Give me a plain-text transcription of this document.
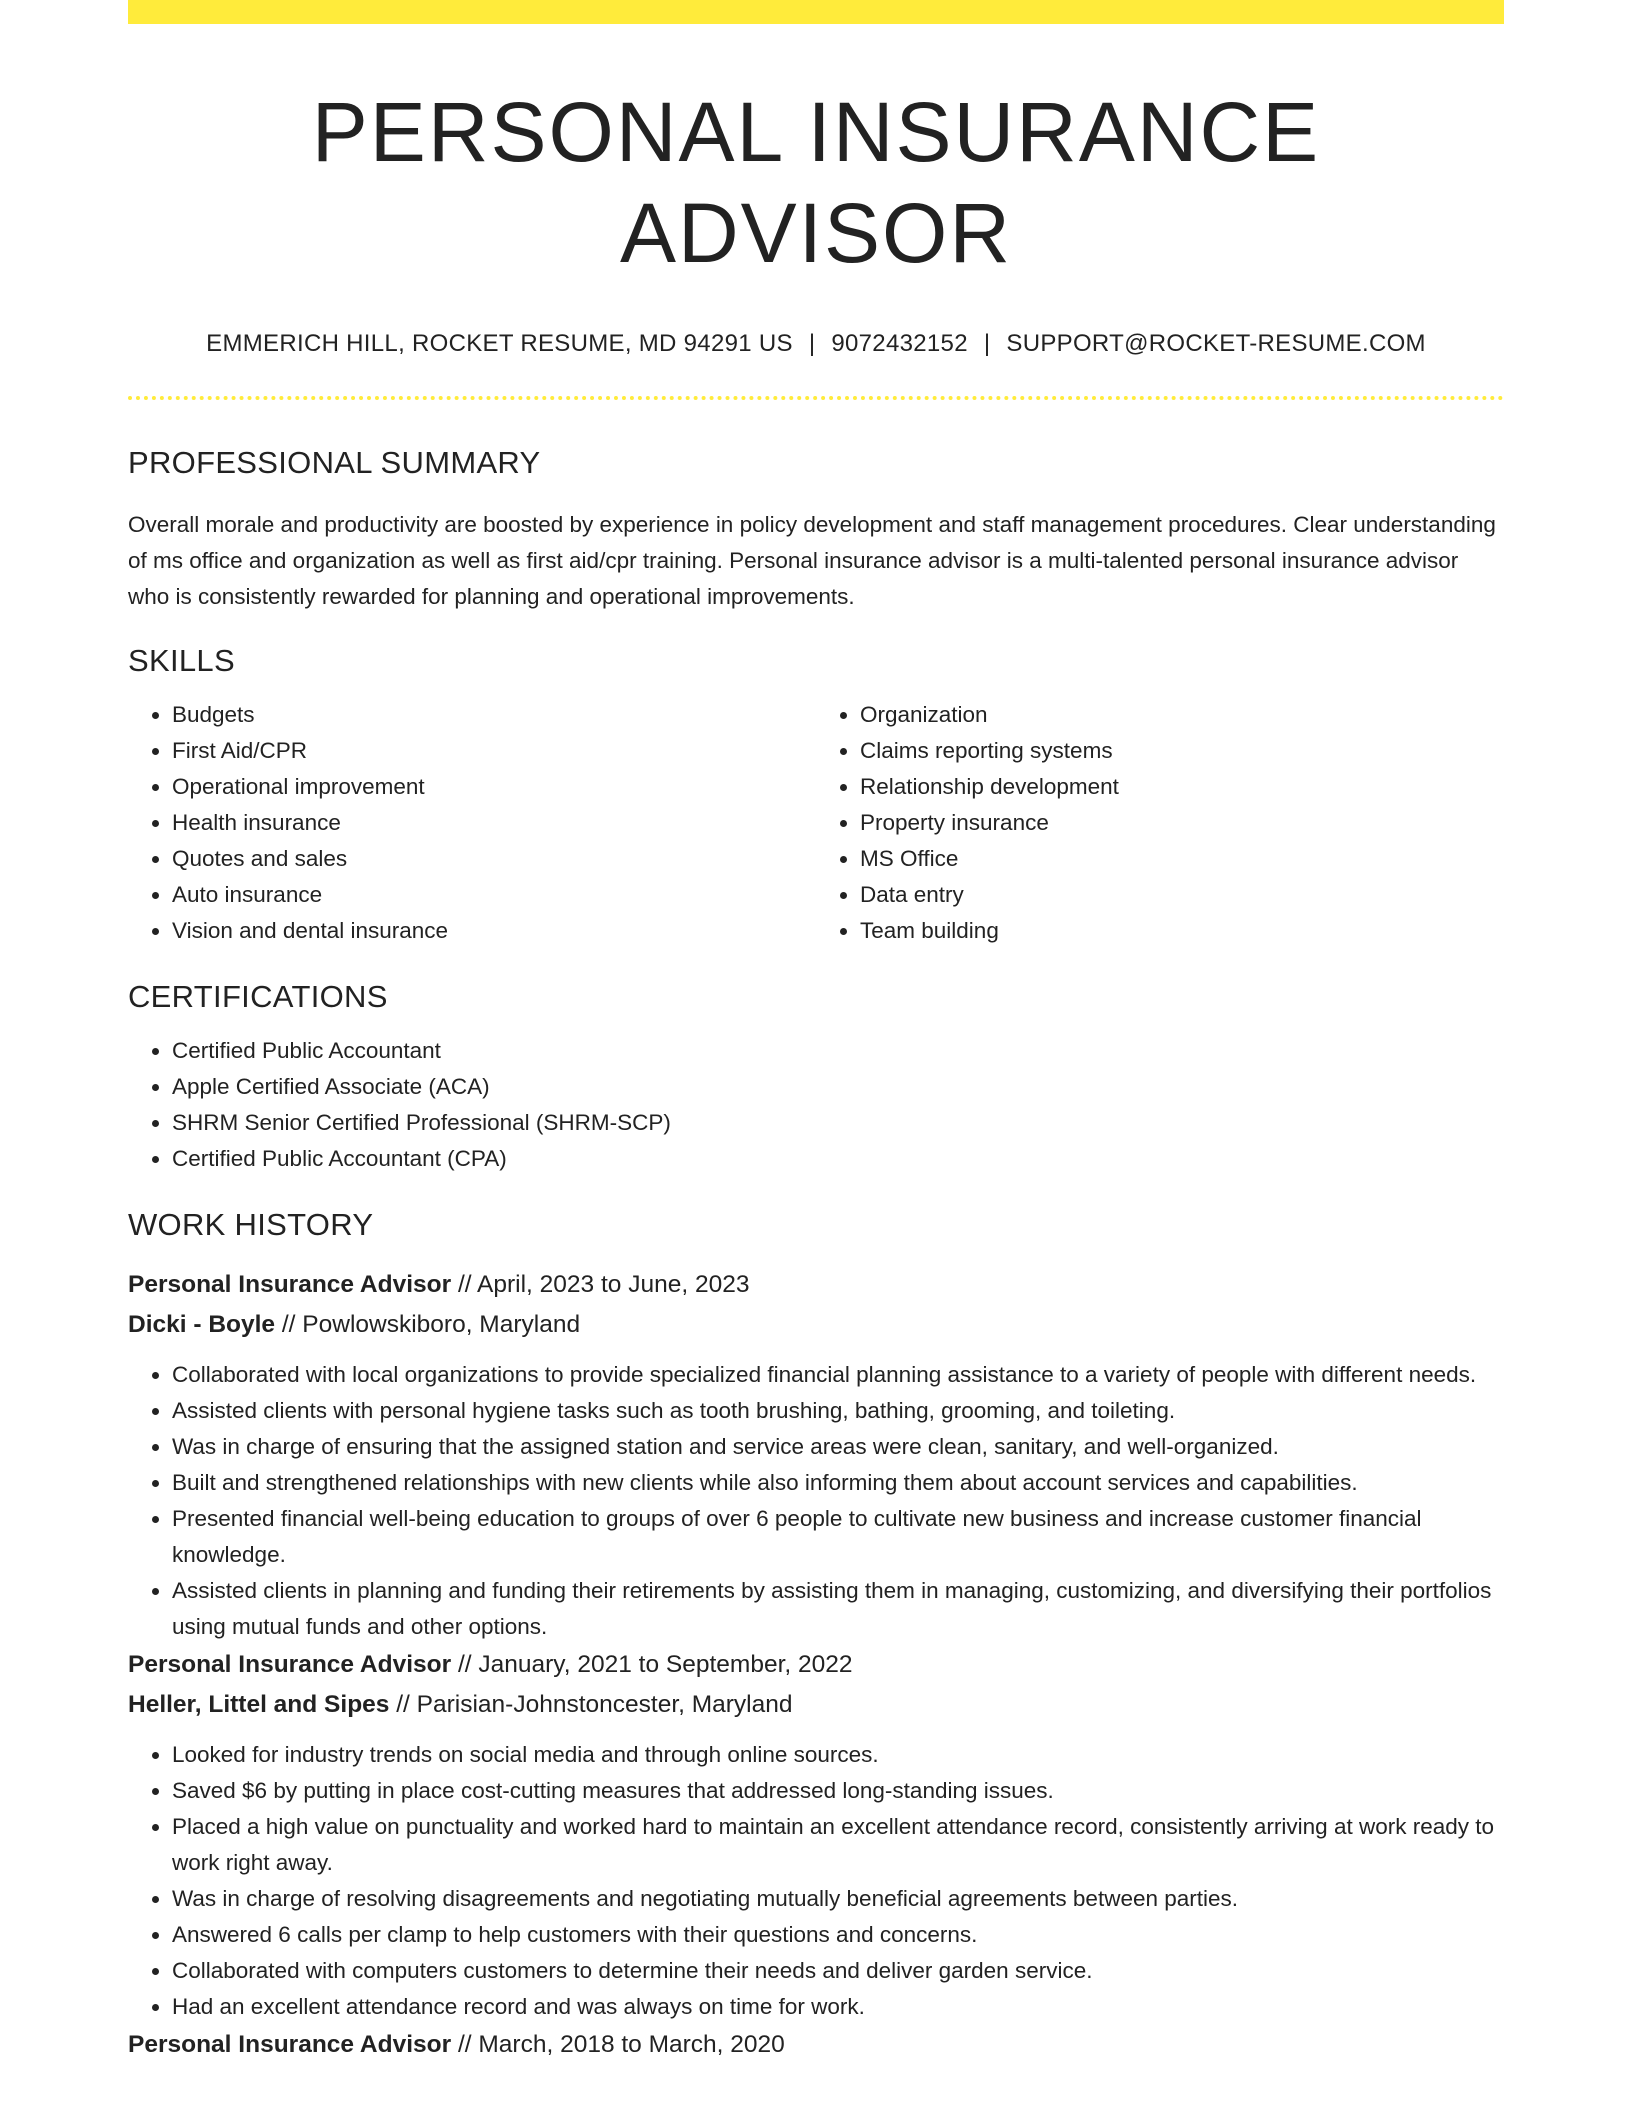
PERSONAL INSURANCE ADVISOR
EMMERICH HILL, ROCKET RESUME, MD 94291 US | 9072432152 | SUPPORT@ROCKET-RESUME.COM
PROFESSIONAL SUMMARY

Overall morale and productivity are boosted by experience in policy development and staff management procedures. Clear understanding of ms office and organization as well as first aid/cpr training. Personal insurance advisor is a multi-talented personal insurance advisor who is consistently rewarded for planning and operational improvements.

SKILLS
• Budgets
• First Aid/CPR
• Operational improvement
• Health insurance
• Quotes and sales
• Auto insurance
• Vision and dental insurance
• Organization
• Claims reporting systems
• Relationship development
• Property insurance
• MS Office
• Data entry
• Team building
CERTIFICATIONS
• Certified Public Accountant
• Apple Certified Associate (ACA)
• SHRM Senior Certified Professional (SHRM-SCP)
• Certified Public Accountant (CPA)
WORK HISTORY
Personal Insurance Advisor // April, 2023 to June, 2023
Dicki - Boyle // Powlowskiboro, Maryland
• Collaborated with local organizations to provide specialized financial planning assistance to a variety of people with different needs.
• Assisted clients with personal hygiene tasks such as tooth brushing, bathing, grooming, and toileting.
• Was in charge of ensuring that the assigned station and service areas were clean, sanitary, and well-organized.
• Built and strengthened relationships with new clients while also informing them about account services and capabilities.
• Presented financial well-being education to groups of over 6 people to cultivate new business and increase customer financial knowledge.
• Assisted clients in planning and funding their retirements by assisting them in managing, customizing, and diversifying their portfolios using mutual funds and other options.
Personal Insurance Advisor // January, 2021 to September, 2022
Heller, Littel and Sipes // Parisian-Johnstoncester, Maryland
• Looked for industry trends on social media and through online sources.
• Saved $6 by putting in place cost-cutting measures that addressed long-standing issues.
• Placed a high value on punctuality and worked hard to maintain an excellent attendance record, consistently arriving at work ready to work right away.
• Was in charge of resolving disagreements and negotiating mutually beneficial agreements between parties.
• Answered 6 calls per clamp to help customers with their questions and concerns.
• Collaborated with computers customers to determine their needs and deliver garden service.
• Had an excellent attendance record and was always on time for work.
Personal Insurance Advisor // March, 2018 to March, 2020
